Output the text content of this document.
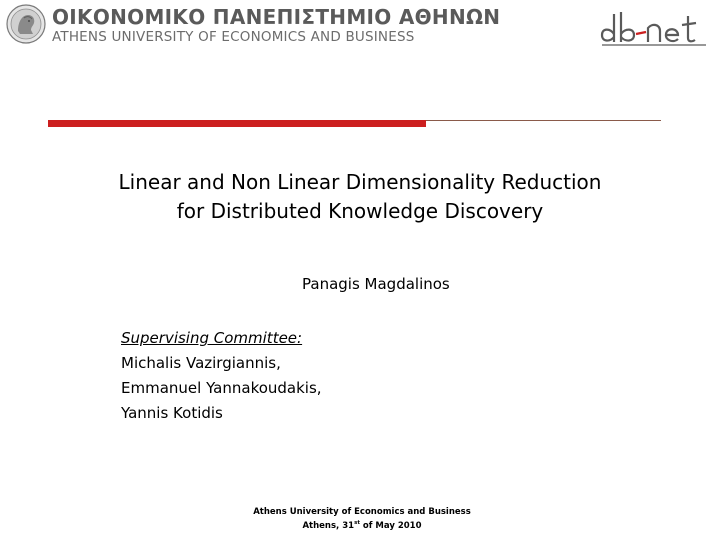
ΟΙΚΟΝΟΜΙΚΟ ΠΑΝΕΠΙΣΤΗΜΙΟ ΑΘΗΝΩΝ
ATHENS UNIVERSITY OF ECONOMICS AND BUSINESS
Linear and Non Linear Dimensionality Reduction
for Distributed Knowledge Discovery
Panagis Magdalinos
Supervising Committee:
Michalis Vazirgiannis,
Emmanuel Yannakoudakis,
Yannis Kotidis
Athens University of Economics and Business
Athens, 31st of May 2010
